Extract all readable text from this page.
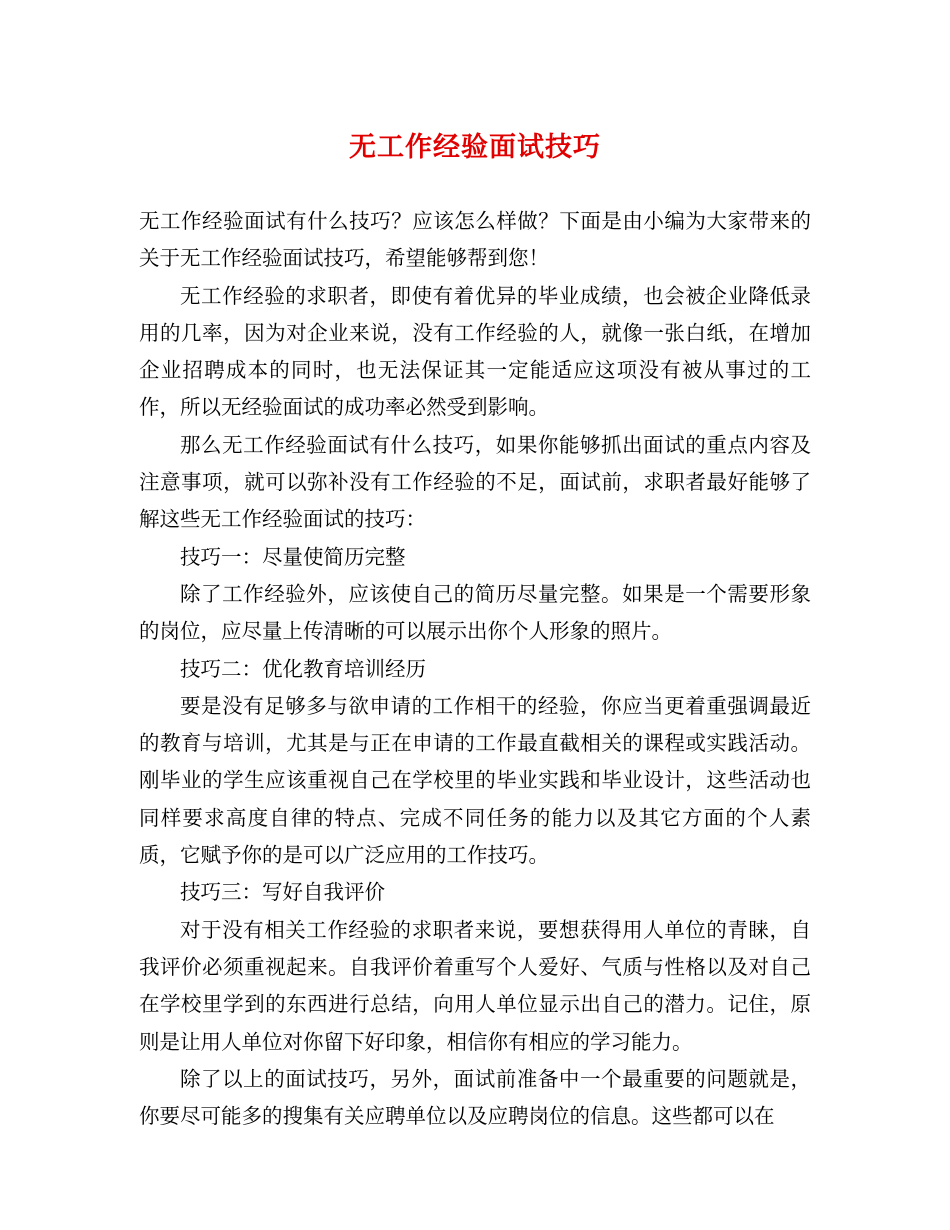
无工作经验面试技巧

无工作经验面试有什么技巧？应该怎么样做？下面是由小编为大家带来的关于无工作经验面试技巧，希望能够帮到您！

无工作经验的求职者，即使有着优异的毕业成绩，也会被企业降低录用的几率，因为对企业来说，没有工作经验的人，就像一张白纸，在增加企业招聘成本的同时，也无法保证其一定能适应这项没有被从事过的工作，所以无经验面试的成功率必然受到影响。

那么无工作经验面试有什么技巧，如果你能够抓出面试的重点内容及注意事项，就可以弥补没有工作经验的不足，面试前，求职者最好能够了解这些无工作经验面试的技巧：

技巧一：尽量使简历完整

除了工作经验外，应该使自己的简历尽量完整。如果是一个需要形象的岗位，应尽量上传清晰的可以展示出你个人形象的照片。

技巧二：优化教育培训经历

要是没有足够多与欲申请的工作相干的经验，你应当更着重强调最近的教育与培训，尤其是与正在申请的工作最直截相关的课程或实践活动。刚毕业的学生应该重视自己在学校里的毕业实践和毕业设计，这些活动也同样要求高度自律的特点、完成不同任务的能力以及其它方面的个人素质，它赋予你的是可以广泛应用的工作技巧。

技巧三：写好自我评价

对于没有相关工作经验的求职者来说，要想获得用人单位的青睐，自我评价必须重视起来。自我评价着重写个人爱好、气质与性格以及对自己在学校里学到的东西进行总结，向用人单位显示出自己的潜力。记住，原则是让用人单位对你留下好印象，相信你有相应的学习能力。

除了以上的面试技巧，另外，面试前准备中一个最重要的问题就是，你要尽可能多的搜集有关应聘单位以及应聘岗位的信息。这些都可以在
